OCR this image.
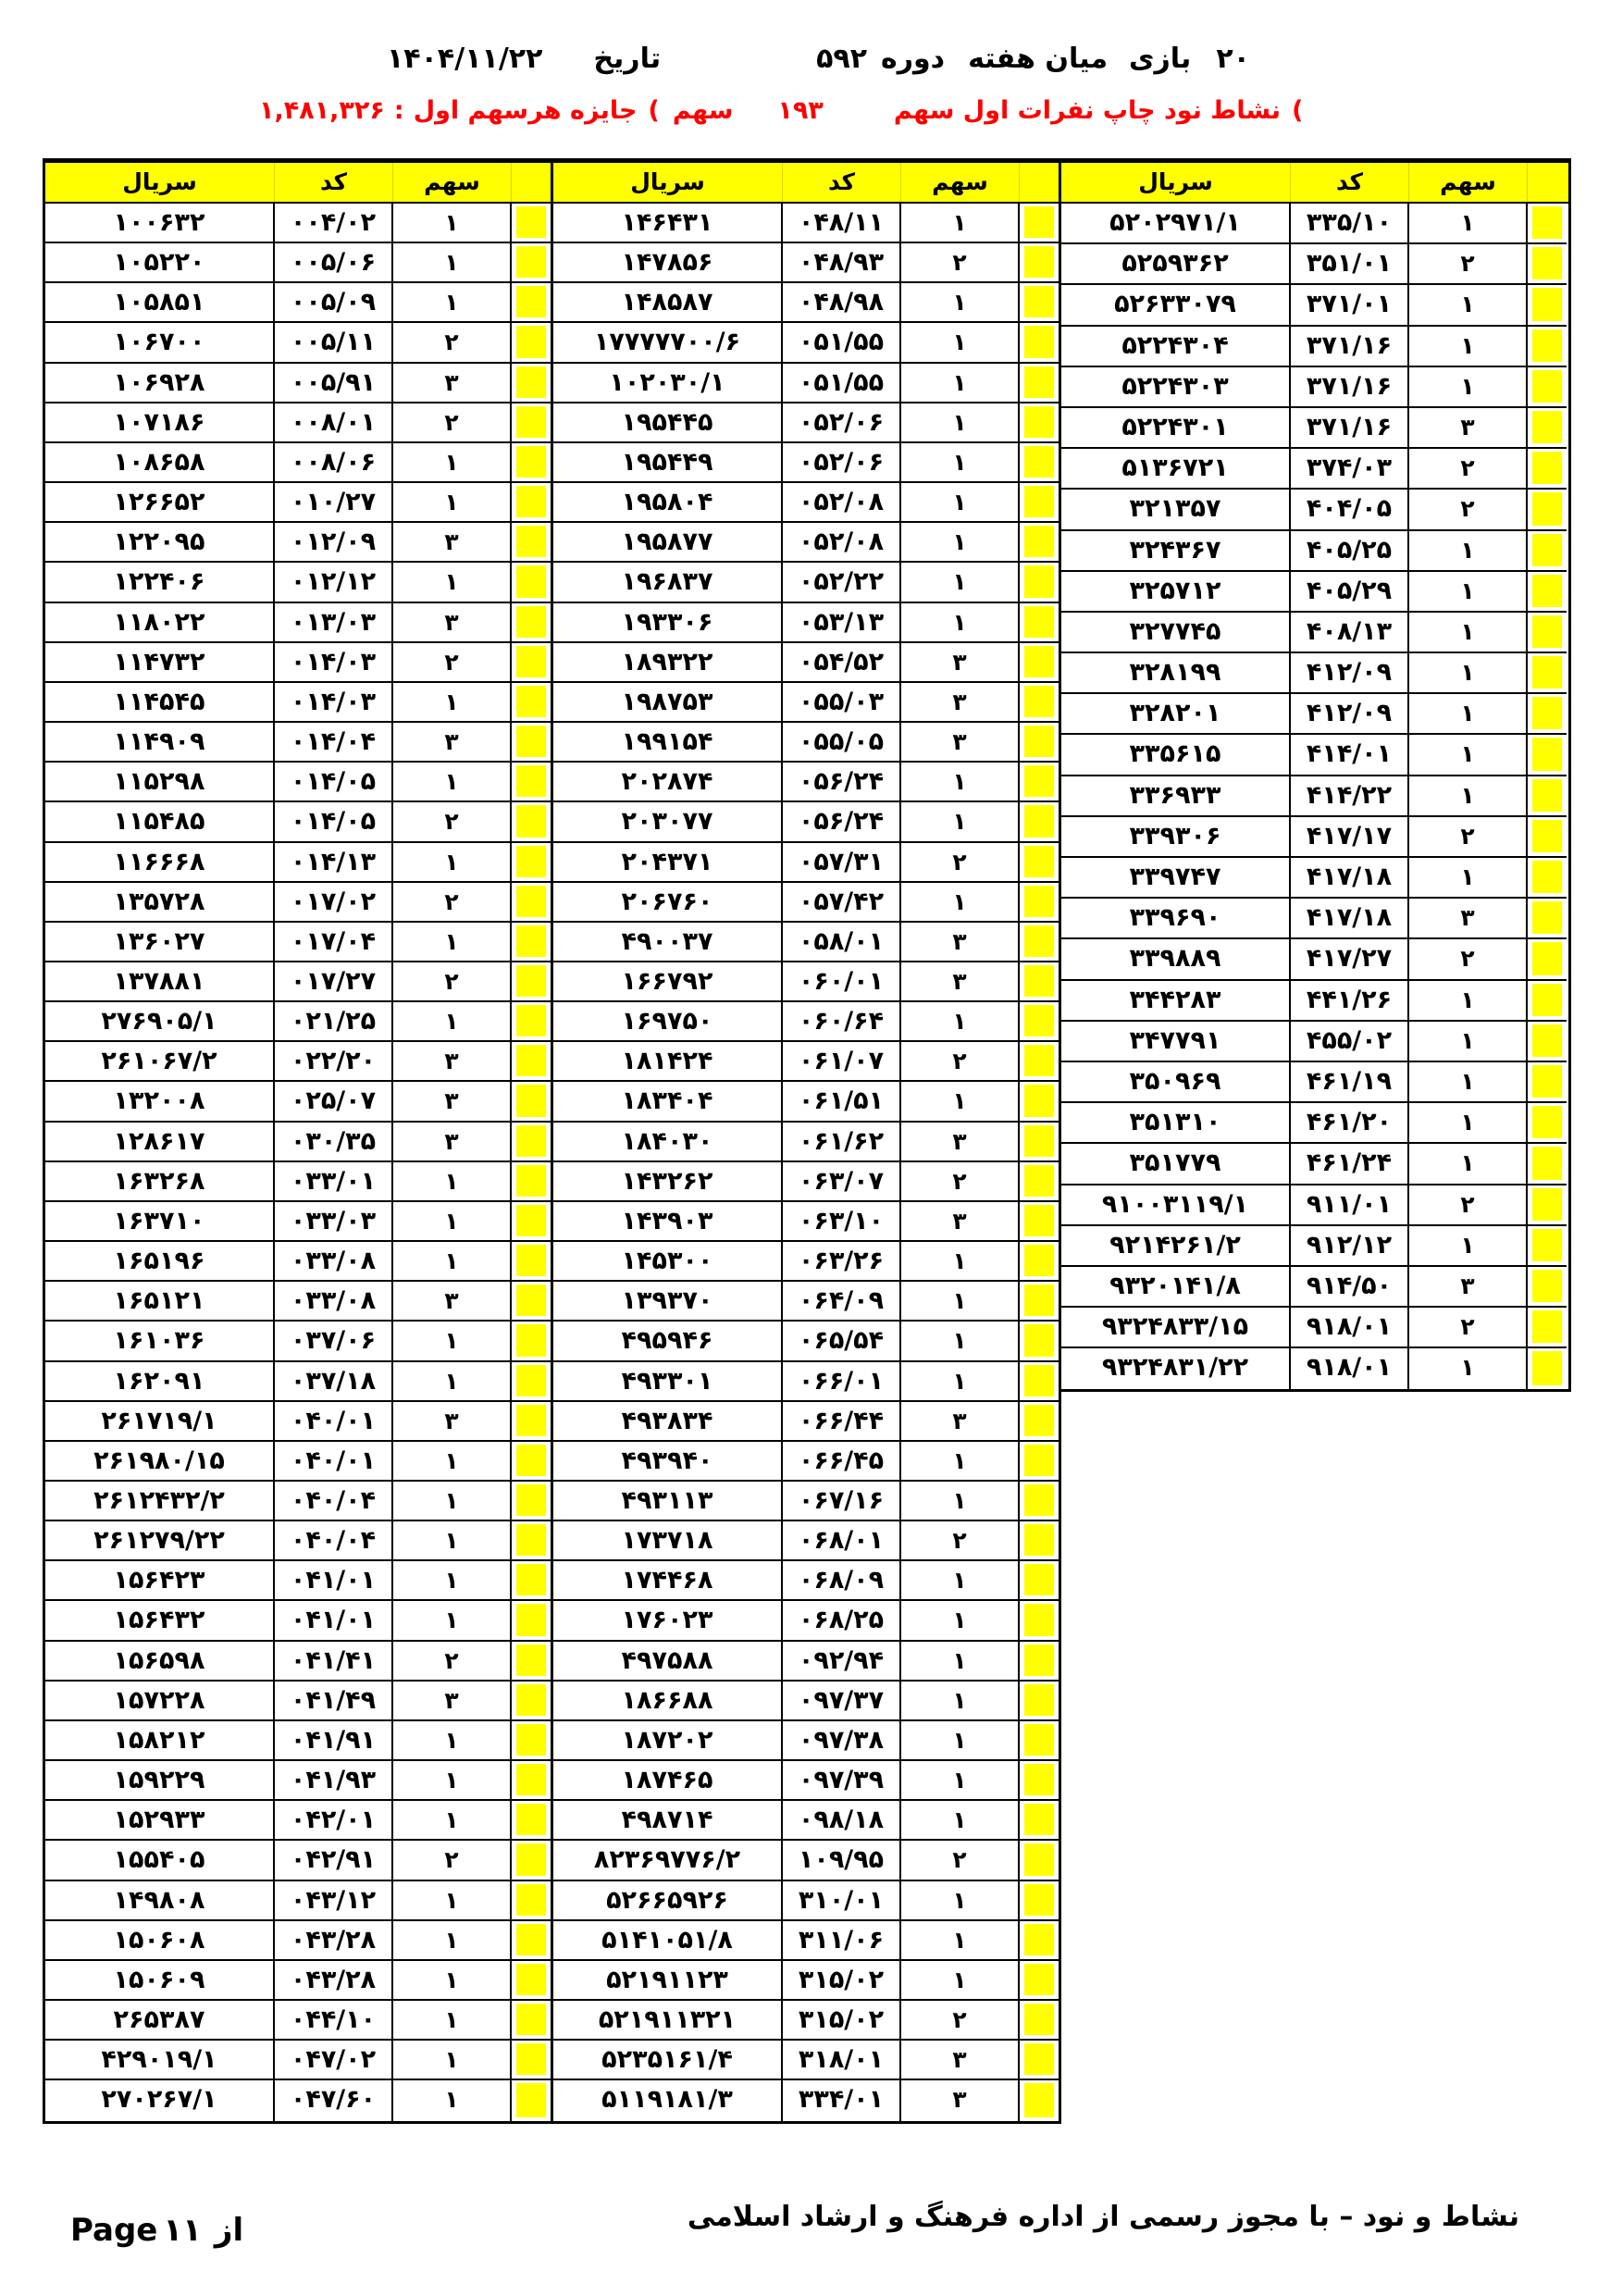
۱۴۰۴/۱۱/۲۲ تاریخ	۵۹۲ دوره میان هفته بازی ۲۰
۱,۴۸۱,۳۲۶ : جایزه هرسهم اول ( سهم ۱۹۳	نشاط نود چاپ نفرات اول سهم (
سريال	کد	سهم
۱۰۰۶۳۲	۰۰۴/۰۲	۱
۱۰۵۲۲۰	۰۰۵/۰۶	۱
۱۰۵۸۵۱	۰۰۵/۰۹	۱
۱۰۶۷۰۰	۰۰۵/۱۱	۲
۱۰۶۹۲۸	۰۰۵/۹۱	۳
۱۰۷۱۸۶	۰۰۸/۰۱	۲
۱۰۸۶۵۸	۰۰۸/۰۶	۱
۱۲۶۶۵۲	۰۱۰/۲۷	۱
۱۲۲۰۹۵	۰۱۲/۰۹	۳
۱۲۲۴۰۶	۰۱۲/۱۲	۱
۱۱۸۰۲۲	۰۱۳/۰۳	۳
۱۱۴۷۳۲	۰۱۴/۰۳	۲
۱۱۴۵۴۵	۰۱۴/۰۳	۱
۱۱۴۹۰۹	۰۱۴/۰۴	۳
۱۱۵۲۹۸	۰۱۴/۰۵	۱
۱۱۵۴۸۵	۰۱۴/۰۵	۲
۱۱۶۶۶۸	۰۱۴/۱۳	۱
۱۳۵۷۲۸	۰۱۷/۰۲	۲
۱۳۶۰۲۷	۰۱۷/۰۴	۱
۱۳۷۸۸۱	۰۱۷/۲۷	۲
۲۷۶۹۰۵/۱	۰۲۱/۲۵	۱
۲۶۱۰۶۷/۲	۰۲۲/۲۰	۳
۱۳۲۰۰۸	۰۲۵/۰۷	۳
۱۲۸۶۱۷	۰۳۰/۳۵	۳
۱۶۳۲۶۸	۰۳۳/۰۱	۱
۱۶۳۷۱۰	۰۳۳/۰۳	۱
۱۶۵۱۹۶	۰۳۳/۰۸	۱
۱۶۵۱۲۱	۰۳۳/۰۸	۳
۱۶۱۰۳۶	۰۳۷/۰۶	۱
۱۶۲۰۹۱	۰۳۷/۱۸	۱
۲۶۱۷۱۹/۱	۰۴۰/۰۱	۳
۲۶۱۹۸۰/۱۵	۰۴۰/۰۱	۱
۲۶۱۲۴۳۲/۲	۰۴۰/۰۴	۱
۲۶۱۲۷۹/۲۲	۰۴۰/۰۴	۱
۱۵۶۴۲۳	۰۴۱/۰۱	۱
۱۵۶۴۳۲	۰۴۱/۰۱	۱
۱۵۶۵۹۸	۰۴۱/۴۱	۲
۱۵۷۲۲۸	۰۴۱/۴۹	۳
۱۵۸۲۱۲	۰۴۱/۹۱	۱
۱۵۹۲۲۹	۰۴۱/۹۳	۱
۱۵۲۹۳۳	۰۴۲/۰۱	۱
۱۵۵۴۰۵	۰۴۲/۹۱	۲
۱۴۹۸۰۸	۰۴۳/۱۲	۱
۱۵۰۶۰۸	۰۴۳/۲۸	۱
۱۵۰۶۰۹	۰۴۳/۲۸	۱
۲۶۵۳۸۷	۰۴۴/۱۰	۱
۴۲۹۰۱۹/۱	۰۴۷/۰۲	۱
۲۷۰۲۶۷/۱	۰۴۷/۶۰	۱
سريال	کد	سهم
۱۴۶۴۳۱	۰۴۸/۱۱	۱
۱۴۷۸۵۶	۰۴۸/۹۳	۲
۱۴۸۵۸۷	۰۴۸/۹۸	۱
۱۷۷۷۷۷۰۰/۶	۰۵۱/۵۵	۱
۱۰۲۰۳۰/۱	۰۵۱/۵۵	۱
۱۹۵۴۴۵	۰۵۲/۰۶	۱
۱۹۵۴۴۹	۰۵۲/۰۶	۱
۱۹۵۸۰۴	۰۵۲/۰۸	۱
۱۹۵۸۷۷	۰۵۲/۰۸	۱
۱۹۶۸۳۷	۰۵۲/۲۲	۱
۱۹۳۳۰۶	۰۵۳/۱۳	۱
۱۸۹۳۲۲	۰۵۴/۵۲	۳
۱۹۸۷۵۳	۰۵۵/۰۳	۳
۱۹۹۱۵۴	۰۵۵/۰۵	۳
۲۰۲۸۷۴	۰۵۶/۲۴	۱
۲۰۳۰۷۷	۰۵۶/۲۴	۱
۲۰۴۳۷۱	۰۵۷/۳۱	۲
۲۰۶۷۶۰	۰۵۷/۴۲	۱
۴۹۰۰۳۷	۰۵۸/۰۱	۳
۱۶۶۷۹۲	۰۶۰/۰۱	۳
۱۶۹۷۵۰	۰۶۰/۶۴	۱
۱۸۱۴۲۴	۰۶۱/۰۷	۲
۱۸۳۴۰۴	۰۶۱/۵۱	۱
۱۸۴۰۳۰	۰۶۱/۶۲	۳
۱۴۳۲۶۲	۰۶۳/۰۷	۲
۱۴۳۹۰۳	۰۶۳/۱۰	۳
۱۴۵۳۰۰	۰۶۳/۲۶	۱
۱۳۹۳۷۰	۰۶۴/۰۹	۱
۴۹۵۹۴۶	۰۶۵/۵۴	۱
۴۹۳۳۰۱	۰۶۶/۰۱	۱
۴۹۳۸۳۴	۰۶۶/۴۴	۳
۴۹۳۹۴۰	۰۶۶/۴۵	۱
۴۹۳۱۱۳	۰۶۷/۱۶	۱
۱۷۳۷۱۸	۰۶۸/۰۱	۲
۱۷۴۴۶۸	۰۶۸/۰۹	۱
۱۷۶۰۲۳	۰۶۸/۲۵	۱
۴۹۷۵۸۸	۰۹۲/۹۴	۱
۱۸۶۶۸۸	۰۹۷/۳۷	۱
۱۸۷۲۰۲	۰۹۷/۳۸	۱
۱۸۷۴۶۵	۰۹۷/۳۹	۱
۴۹۸۷۱۴	۰۹۸/۱۸	۱
۸۲۳۶۹۷۷۶/۲	۱۰۹/۹۵	۲
۵۲۶۶۵۹۲۶	۳۱۰/۰۱	۱
۵۱۴۱۰۵۱/۸	۳۱۱/۰۶	۱
۵۲۱۹۱۱۲۳	۳۱۵/۰۲	۱
۵۲۱۹۱۱۳۲۱	۳۱۵/۰۲	۲
۵۲۳۵۱۶۱/۴	۳۱۸/۰۱	۳
۵۱۱۹۱۸۱/۳	۳۳۴/۰۱	۳
سريال	کد	سهم
۵۲۰۲۹۷۱/۱	۳۳۵/۱۰	۱
۵۲۵۹۳۶۲	۳۵۱/۰۱	۲
۵۲۶۳۳۰۷۹	۳۷۱/۰۱	۱
۵۲۲۴۳۰۴	۳۷۱/۱۶	۱
۵۲۲۴۳۰۳	۳۷۱/۱۶	۱
۵۲۲۴۳۰۱	۳۷۱/۱۶	۳
۵۱۳۶۷۲۱	۳۷۴/۰۳	۲
۳۲۱۳۵۷	۴۰۴/۰۵	۲
۳۲۴۳۶۷	۴۰۵/۲۵	۱
۳۲۵۷۱۲	۴۰۵/۲۹	۱
۳۲۷۷۴۵	۴۰۸/۱۳	۱
۳۲۸۱۹۹	۴۱۲/۰۹	۱
۳۲۸۲۰۱	۴۱۲/۰۹	۱
۳۳۵۶۱۵	۴۱۴/۰۱	۱
۳۳۶۹۳۳	۴۱۴/۲۲	۱
۳۳۹۳۰۶	۴۱۷/۱۷	۲
۳۳۹۷۴۷	۴۱۷/۱۸	۱
۳۳۹۶۹۰	۴۱۷/۱۸	۳
۳۳۹۸۸۹	۴۱۷/۲۷	۲
۳۴۴۲۸۳	۴۴۱/۲۶	۱
۳۴۷۷۹۱	۴۵۵/۰۲	۱
۳۵۰۹۶۹	۴۶۱/۱۹	۱
۳۵۱۳۱۰	۴۶۱/۲۰	۱
۳۵۱۷۷۹	۴۶۱/۲۴	۱
۹۱۰۰۳۱۱۹/۱	۹۱۱/۰۱	۲
۹۲۱۴۲۶۱/۲	۹۱۲/۱۲	۱
۹۳۲۰۱۴۱/۸	۹۱۴/۵۰	۳
۹۳۲۴۸۳۳/۱۵	۹۱۸/۰۱	۲
۹۳۲۴۸۳۱/۲۲	۹۱۸/۰۱	۱
Page ۱۱ از	نشاط و نود – با مجوز رسمی از اداره فرهنگ و ارشاد اسلامی
